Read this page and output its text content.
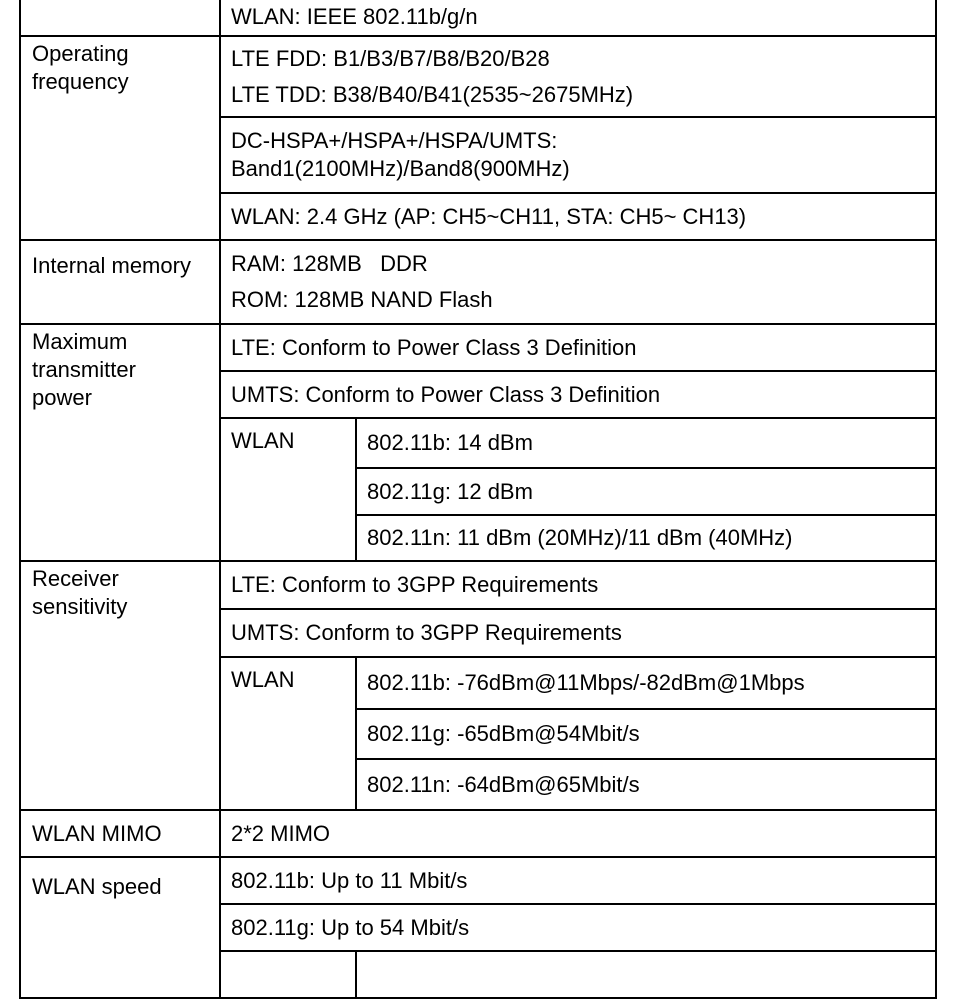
	WLAN: IEEE 802.11b/g/n	

Operating
frequency	LTE FDD: B1/B3/B7/B8/B20/B28
LTE TDD: B38/B40/B41(2535~2675MHz)	

	DC-HSPA+/HSPA+/HSPA/UMTS:
Band1(2100MHz)/Band8(900MHz)	

	WLAN: 2.4 GHz (AP: CH5~CH11, STA: CH5~ CH13)	
Internal memory	RAM: 128MB   DDR
ROM: 128MB NAND Flash	

Maximum
transmitter
power	LTE: Conform to Power Class 3 Definition	
	UMTS: Conform to Power Class 3 Definition	
	WLAN	802.11b: 14 dBm
		802.11g: 12 dBm
		802.11n: 11 dBm (20MHz)/11 dBm (40MHz)

Receiver
sensitivity	LTE: Conform to 3GPP Requirements	
	UMTS: Conform to 3GPP Requirements	
	WLAN	802.11b: -76dBm@11Mbps/-82dBm@1Mbps
		802.11g: -65dBm@54Mbit/s
		802.11n: -64dBm@65Mbit/s
WLAN MIMO	2*2 MIMO	
WLAN speed	802.11b: Up to 11 Mbit/s	
	802.11g: Up to 54 Mbit/s	
